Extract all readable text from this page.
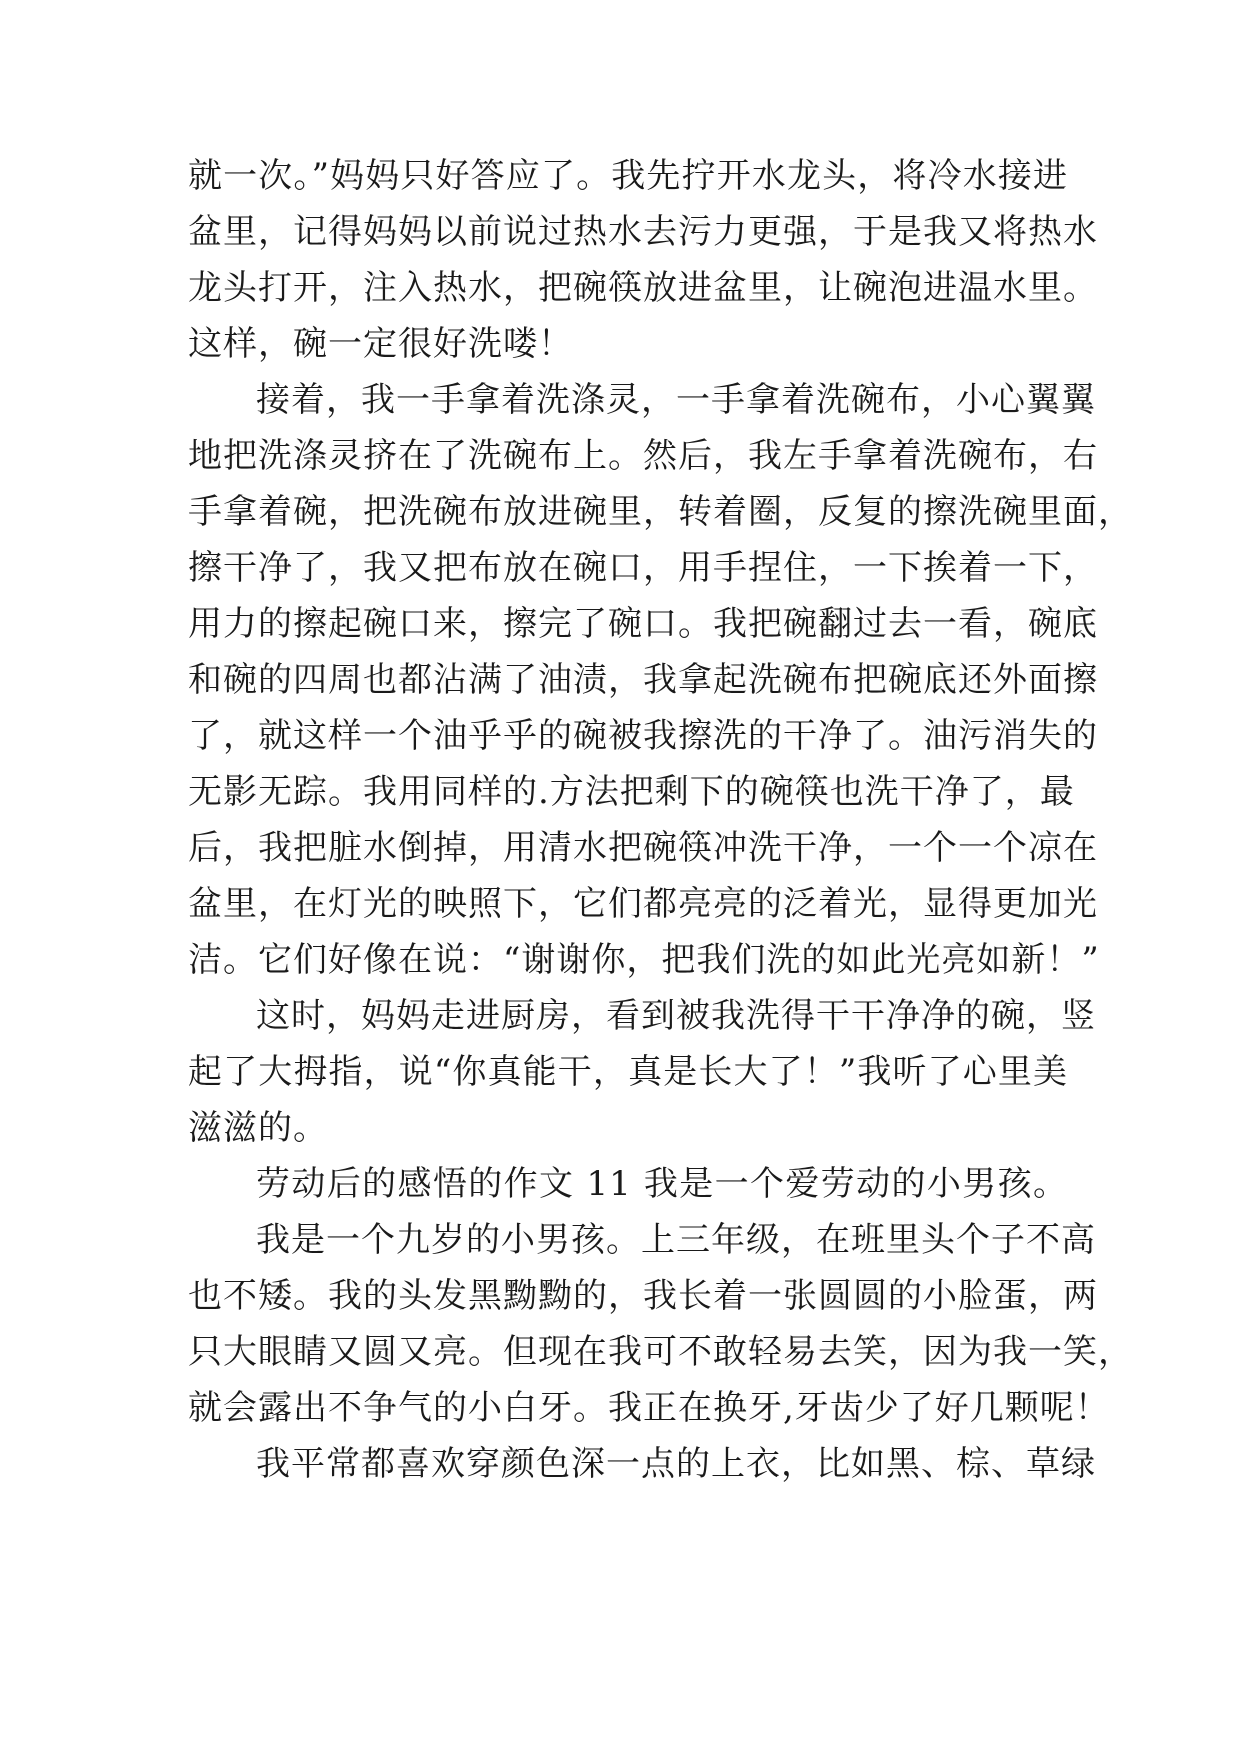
就一次。”妈妈只好答应了。我先拧开水龙头，将冷水接进
盆里，记得妈妈以前说过热水去污力更强，于是我又将热水
龙头打开，注入热水，把碗筷放进盆里，让碗泡进温水里。
这样，碗一定很好洗喽！
接着，我一手拿着洗涤灵，一手拿着洗碗布，小心翼翼
地把洗涤灵挤在了洗碗布上。然后，我左手拿着洗碗布，右
手拿着碗，把洗碗布放进碗里，转着圈，反复的擦洗碗里面，
擦干净了，我又把布放在碗口，用手捏住，一下挨着一下，
用力的擦起碗口来，擦完了碗口。我把碗翻过去一看，碗底
和碗的四周也都沾满了油渍，我拿起洗碗布把碗底还外面擦
了，就这样一个油乎乎的碗被我擦洗的干净了。油污消失的
无影无踪。我用同样的.方法把剩下的碗筷也洗干净了，最
后，我把脏水倒掉，用清水把碗筷冲洗干净，一个一个凉在
盆里，在灯光的映照下，它们都亮亮的泛着光，显得更加光
洁。它们好像在说：“谢谢你，把我们洗的如此光亮如新！”
这时，妈妈走进厨房，看到被我洗得干干净净的碗，竖
起了大拇指，说“你真能干，真是长大了！”我听了心里美
滋滋的。
劳动后的感悟的作文 11 我是一个爱劳动的小男孩。
我是一个九岁的小男孩。上三年级，在班里头个子不高
也不矮。我的头发黑黝黝的，我长着一张圆圆的小脸蛋，两
只大眼睛又圆又亮。但现在我可不敢轻易去笑，因为我一笑，
就会露出不争气的小白牙。我正在换牙,牙齿少了好几颗呢！
我平常都喜欢穿颜色深一点的上衣，比如黑、棕、草绿
